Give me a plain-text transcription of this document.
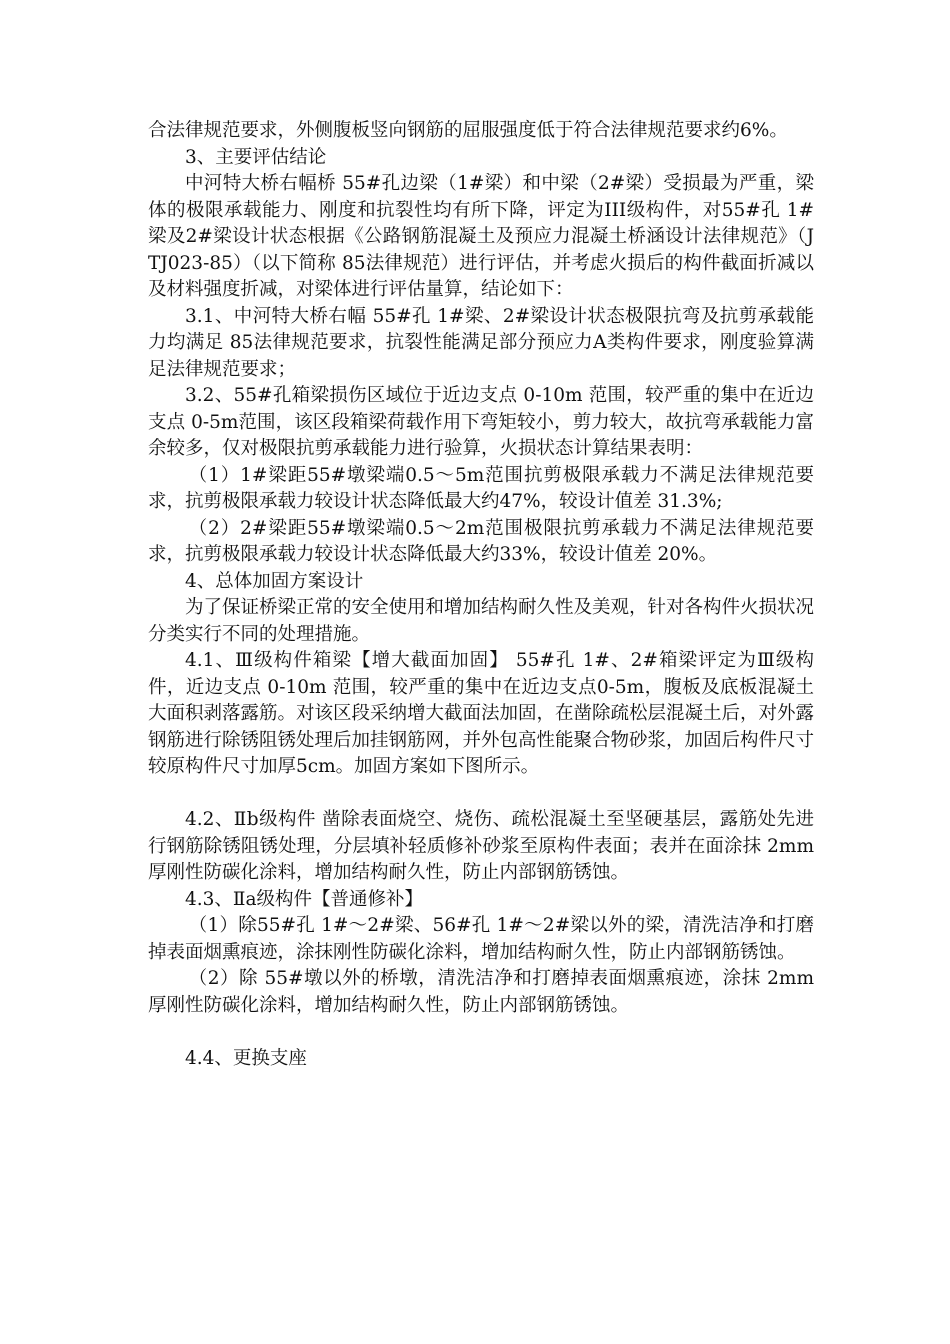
合法律规范要求，外侧腹板竖向钢筋的屈服强度低于符合法律规范要求约6%。

3、主要评估结论

中河特大桥右幅桥 55#孔边梁（1#梁）和中梁（2#梁）受损最为严重，梁体的极限承载能力、刚度和抗裂性均有所下降，评定为III级构件，对55#孔 1#梁及2#梁设计状态根据《公路钢筋混凝土及预应力混凝土桥涵设计法律规范》（JTJ023-85）（以下简称 85法律规范）进行评估，并考虑火损后的构件截面折减以及材料强度折减，对梁体进行评估量算，结论如下：

3.1、中河特大桥右幅 55#孔 1#梁、2#梁设计状态极限抗弯及抗剪承载能力均满足 85法律规范要求，抗裂性能满足部分预应力A类构件要求，刚度验算满足法律规范要求；

3.2、55#孔箱梁损伤区域位于近边支点 0-10m 范围，较严重的集中在近边支点 0-5m范围，该区段箱梁荷载作用下弯矩较小，剪力较大，故抗弯承载能力富余较多，仅对极限抗剪承载能力进行验算，火损状态计算结果表明：

（1）1#梁距55#墩梁端0.5～5m范围抗剪极限承载力不满足法律规范要求，抗剪极限承载力较设计状态降低最大约47%，较设计值差 31.3%;

（2）2#梁距55#墩梁端0.5～2m范围极限抗剪承载力不满足法律规范要求，抗剪极限承载力较设计状态降低最大约33%，较设计值差 20%。

4、总体加固方案设计

为了保证桥梁正常的安全使用和增加结构耐久性及美观，针对各构件火损状况分类实行不同的处理措施。

4.1、Ⅲ级构件箱梁【增大截面加固】 55#孔 1#、2#箱梁评定为Ⅲ级构件，近边支点 0-10m 范围，较严重的集中在近边支点0-5m，腹板及底板混凝土大面积剥落露筋。对该区段采纳增大截面法加固，在凿除疏松层混凝土后，对外露钢筋进行除锈阻锈处理后加挂钢筋网，并外包高性能聚合物砂浆，加固后构件尺寸较原构件尺寸加厚5cm。加固方案如下图所示。

4.2、Ⅱb级构件 凿除表面烧空、烧伤、疏松混凝土至坚硬基层，露筋处先进行钢筋除锈阻锈处理，分层填补轻质修补砂浆至原构件表面；表并在面涂抹 2mm 厚刚性防碳化涂料，增加结构耐久性，防止内部钢筋锈蚀。

4.3、Ⅱa级构件【普通修补】

（1）除55#孔 1#～2#梁、56#孔 1#～2#梁以外的梁，清洗洁净和打磨掉表面烟熏痕迹，涂抹刚性防碳化涂料，增加结构耐久性，防止内部钢筋锈蚀。

（2）除 55#墩以外的桥墩，清洗洁净和打磨掉表面烟熏痕迹，涂抹 2mm厚刚性防碳化涂料，增加结构耐久性，防止内部钢筋锈蚀。

4.4、更换支座
